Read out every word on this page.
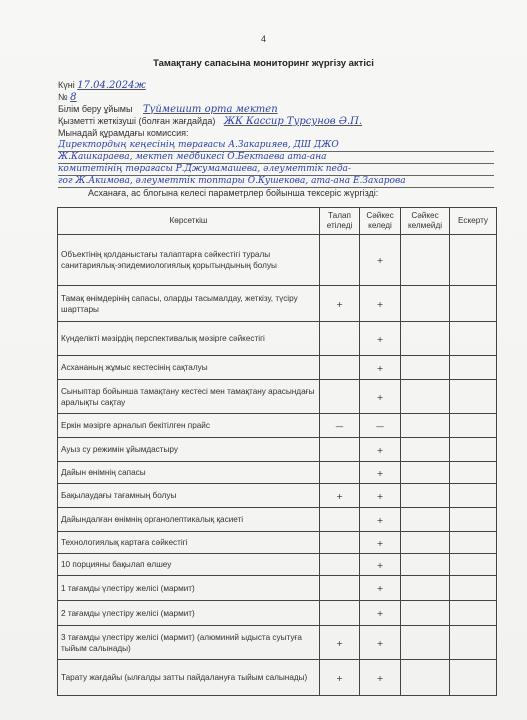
4
Тамақтану сапасына мониторинг жүргізу актісі
Күні 17.04.2024ж
№ 8
Білім беру ұйымы Түймешит орта мектеп
Қызметті жеткізуші (болған жағдайда) ЖК Кассир Турсунов Ә.П.
Мынадай құрамдағы комиссия:
Директордың кеңесінің төрағасы А.Закарияев, ДШ ДЖО
Ж.Кашкараева, мектеп медбикесі О.Бектаева ата-ана
комитетінің төрағасы Р.Джумамашева, әлеуметтік педа-
гог Ж.Акимова, әлеуметтік топтары О.Кушекова, ата-ана Е.Захарова
Асханаға, ас блогына келесі параметрлер бойынша тексеріс жүргізді:
Көрсеткіш	Талап етіледі	Сәйкес келеді	Сәйкес келмейді	Ескерту
Объектінің қолданыстағы талаптарға сәйкестігі туралы санитариялық-эпидемиологиялық қорытындының болуы		+		
Тамақ өнімдерінің сапасы, оларды тасымалдау, жеткізу, түсіру шарттары	+	+		
Күнделікті мәзірдің перспективалық мәзірге сәйкестігі		+		
Асхананың жұмыс кестесінің сақталуы		+		
Сыныптар бойынша тамақтану кестесі мен тамақтану арасындағы аралықты сақтау		+		
Еркін мәзірге арналып бекітілген прайс	—	—		
Ауыз су режимін ұйымдастыру		+		
Дайын өнімнің сапасы		+		
Бақылаудағы тағамның болуы	+	+		
Дайындалған өнімнің органолептикалық қасиеті		+		
Технологиялық картаға сәйкестігі		+		
10 порцияны бақылап өлшеу		+		
1 тағамды үлестіру желісі (мармит)		+		
2 тағамды үлестіру желісі (мармит)		+		
3 тағамды үлестіру желісі (мармит) (алюминий ыдыста суытуға тыйым салынады)	+	+		
Тарату жағдайы (ылғалды затты пайдалануға тыйым салынады)	+	+		
